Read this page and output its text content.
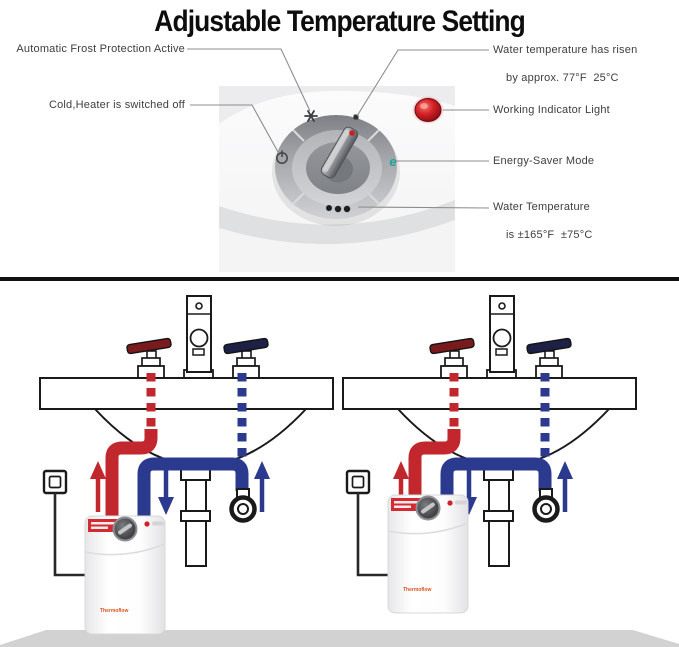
Adjustable Temperature Setting
Automatic Frost Protection Active
Cold,Heater is switched off
Water temperature has risen

by approx. 77°F  25°C
Working Indicator Light
Energy-Saver Mode
Water Temperature

is ±165°F  ±75°C
e
